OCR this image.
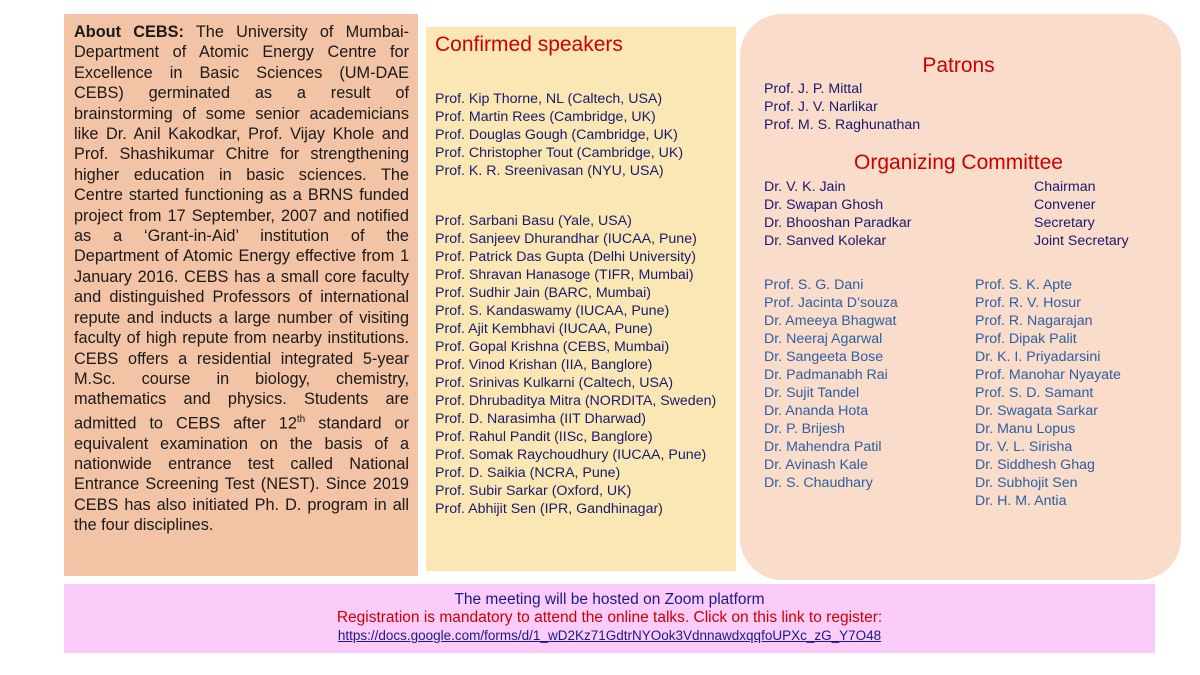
About CEBS: The University of Mumbai-Department of Atomic Energy Centre for Excellence in Basic Sciences (UM-DAE CEBS) germinated as a result of brainstorming of some senior academicians like Dr. Anil Kakodkar, Prof. Vijay Khole and Prof. Shashikumar Chitre for strengthening higher education in basic sciences. The Centre started functioning as a BRNS funded project from 17 September, 2007 and notified as a ‘Grant-in-Aid’ institution of the Department of Atomic Energy effective from 1 January 2016. CEBS has a small core faculty and distinguished Professors of international repute and inducts a large number of visiting faculty of high repute from nearby institutions. CEBS offers a residential integrated 5-year M.Sc. course in biology, chemistry, mathematics and physics. Students are admitted to CEBS after 12th standard or equivalent examination on the basis of a nationwide entrance test called National Entrance Screening Test (NEST). Since 2019 CEBS has also initiated Ph. D. program in all the four disciplines.
Confirmed speakers
Prof. Kip Thorne, NL (Caltech, USA)
Prof. Martin Rees (Cambridge, UK)
Prof. Douglas Gough (Cambridge, UK)
Prof. Christopher Tout (Cambridge, UK)
Prof. K. R. Sreenivasan (NYU, USA)
Prof. Sarbani Basu (Yale, USA)
Prof. Sanjeev Dhurandhar (IUCAA, Pune)
Prof. Patrick Das Gupta (Delhi University)
Prof. Shravan Hanasoge (TIFR, Mumbai)
Prof. Sudhir Jain (BARC, Mumbai)
Prof. S. Kandaswamy (IUCAA, Pune)
Prof. Ajit Kembhavi (IUCAA, Pune)
Prof. Gopal Krishna (CEBS, Mumbai)
Prof. Vinod Krishan (IIA, Banglore)
Prof. Srinivas Kulkarni (Caltech, USA)
Prof. Dhrubaditya Mitra (NORDITA, Sweden)
Prof. D. Narasimha (IIT Dharwad)
Prof. Rahul Pandit (IISc, Banglore)
Prof. Somak Raychoudhury (IUCAA, Pune)
Prof. D. Saikia (NCRA, Pune)
Prof. Subir Sarkar (Oxford, UK)
Prof. Abhijit Sen (IPR, Gandhinagar)
Patrons
Prof. J. P. Mittal
Prof. J. V. Narlikar
Prof. M. S. Raghunathan
Organizing Committee
Dr. V. K. Jain	Chairman
Dr. Swapan Ghosh	Convener
Dr. Bhooshan Paradkar	Secretary
Dr. Sanved Kolekar	Joint Secretary
Prof. S. G. Dani
Prof. Jacinta D’souza
Dr. Ameeya Bhagwat
Dr. Neeraj Agarwal
Dr. Sangeeta Bose
Dr. Padmanabh Rai
Dr. Sujit Tandel
Dr. Ananda Hota
Dr. P. Brijesh
Dr. Mahendra Patil
Dr. Avinash Kale
Dr. S. Chaudhary
Prof. S. K. Apte
Prof. R. V. Hosur
Prof. R. Nagarajan
Prof. Dipak Palit
Dr. K. I. Priyadarsini
Prof. Manohar Nyayate
Prof. S. D. Samant
Dr. Swagata Sarkar
Dr. Manu Lopus
Dr. V. L. Sirisha
Dr. Siddhesh Ghag
Dr. Subhojit Sen
Dr. H. M. Antia
The meeting will be hosted on Zoom platform
Registration is mandatory to attend the online talks. Click on this link to register:
https://docs.google.com/forms/d/1_wD2Kz71GdtrNYOok3VdnnawdxqqfoUPXc_zG_Y7O48
